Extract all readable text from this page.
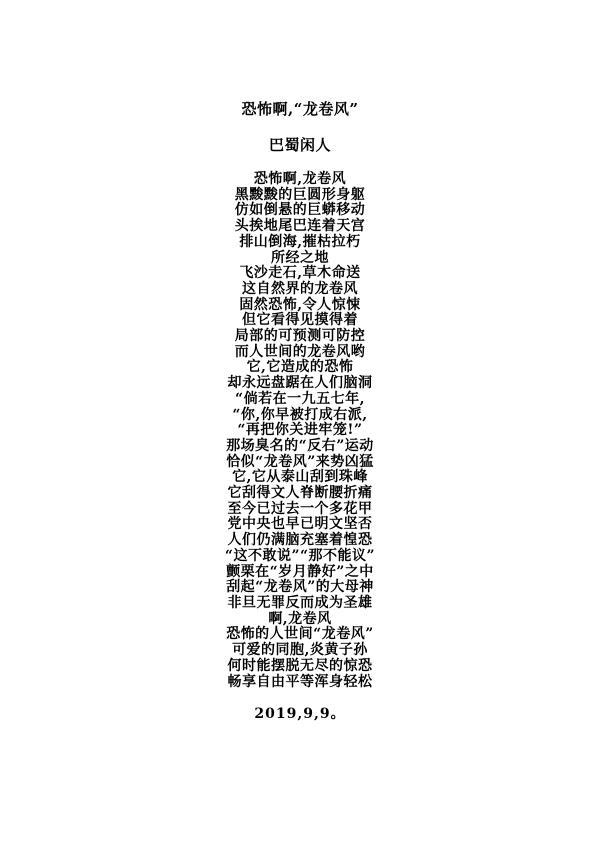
恐怖啊,“龙卷风”
巴蜀闲人
恐怖啊,龙卷风
黑黢黢的巨圆形身躯
仿如倒悬的巨蟒移动
头挨地尾巴连着天宫
排山倒海,摧枯拉朽
所经之地
飞沙走石,草木命送
这自然界的龙卷风
固然恐怖,令人惊悚
但它看得见摸得着
局部的可预测可防控
而人世间的龙卷风哟
它,它造成的恐怖
却永远盘踞在人们脑洞
“倘若在一九五七年,
“你,你早被打成右派,
“再把你关进牢笼!”
那场臭名的“反右”运动
恰似“龙卷风”来势凶猛
它,它从泰山刮到珠峰
它刮得文人脊断腰折痛
至今已过去一个多花甲
党中央也早已明文坚否
人们仍满脑充塞着惶恐
“这不敢说”“那不能议”
颤栗在“岁月静好”之中
刮起“龙卷风”的大母神
非旦无罪反而成为圣雄
啊,龙卷风
恐怖的人世间“龙卷风”
可爱的同胞,炎黄子孙
何时能摆脱无尽的惊恐
畅享自由平等浑身轻松
2019,9,9。
